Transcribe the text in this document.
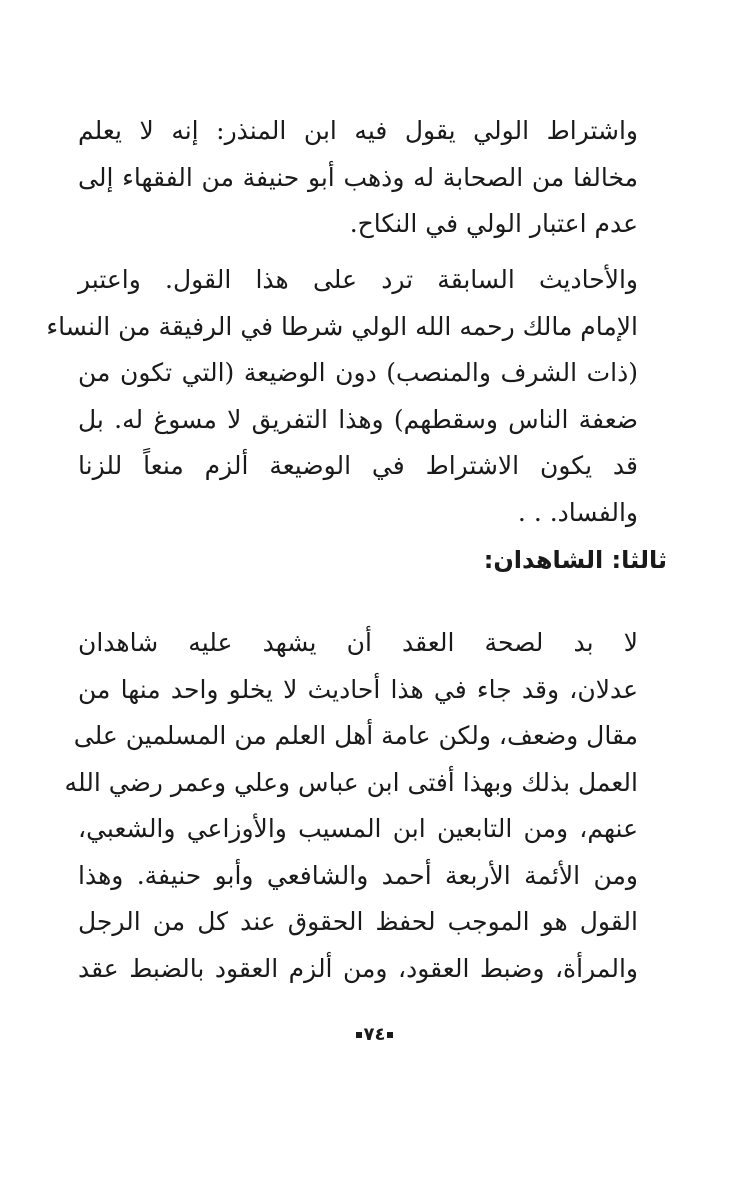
واشتراط الولي يقول فيه ابن المنذر: إنه لا يعلم
مخالفا من الصحابة له وذهب أبو حنيفة من الفقهاء إلى
عدم اعتبار الولي في النكاح.

والأحاديث السابقة ترد على هذا القول. واعتبر
الإمام مالك رحمه الله الولي شرطا في الرفيقة من النساء
(ذات الشرف والمنصب) دون الوضيعة (التي تكون من
ضعفة الناس وسقطهم) وهذا التفريق لا مسوغ له. بل
قد يكون الاشتراط في الوضيعة ألزم منعاً للزنا
والفساد. . .

ثالثا: الشاهدان:

لا بد لصحة العقد أن يشهد عليه شاهدان
عدلان، وقد جاء في هذا أحاديث لا يخلو واحد منها من
مقال وضعف، ولكن عامة أهل العلم من المسلمين على
العمل بذلك وبهذا أفتى ابن عباس وعلي وعمر رضي الله
عنهم، ومن التابعين ابن المسيب والأوزاعي والشعبي،
ومن الأئمة الأربعة أحمد والشافعي وأبو حنيفة. وهذا
القول هو الموجب لحفظ الحقوق عند كل من الرجل
والمرأة، وضبط العقود، ومن ألزم العقود بالضبط عقد

٧٤
